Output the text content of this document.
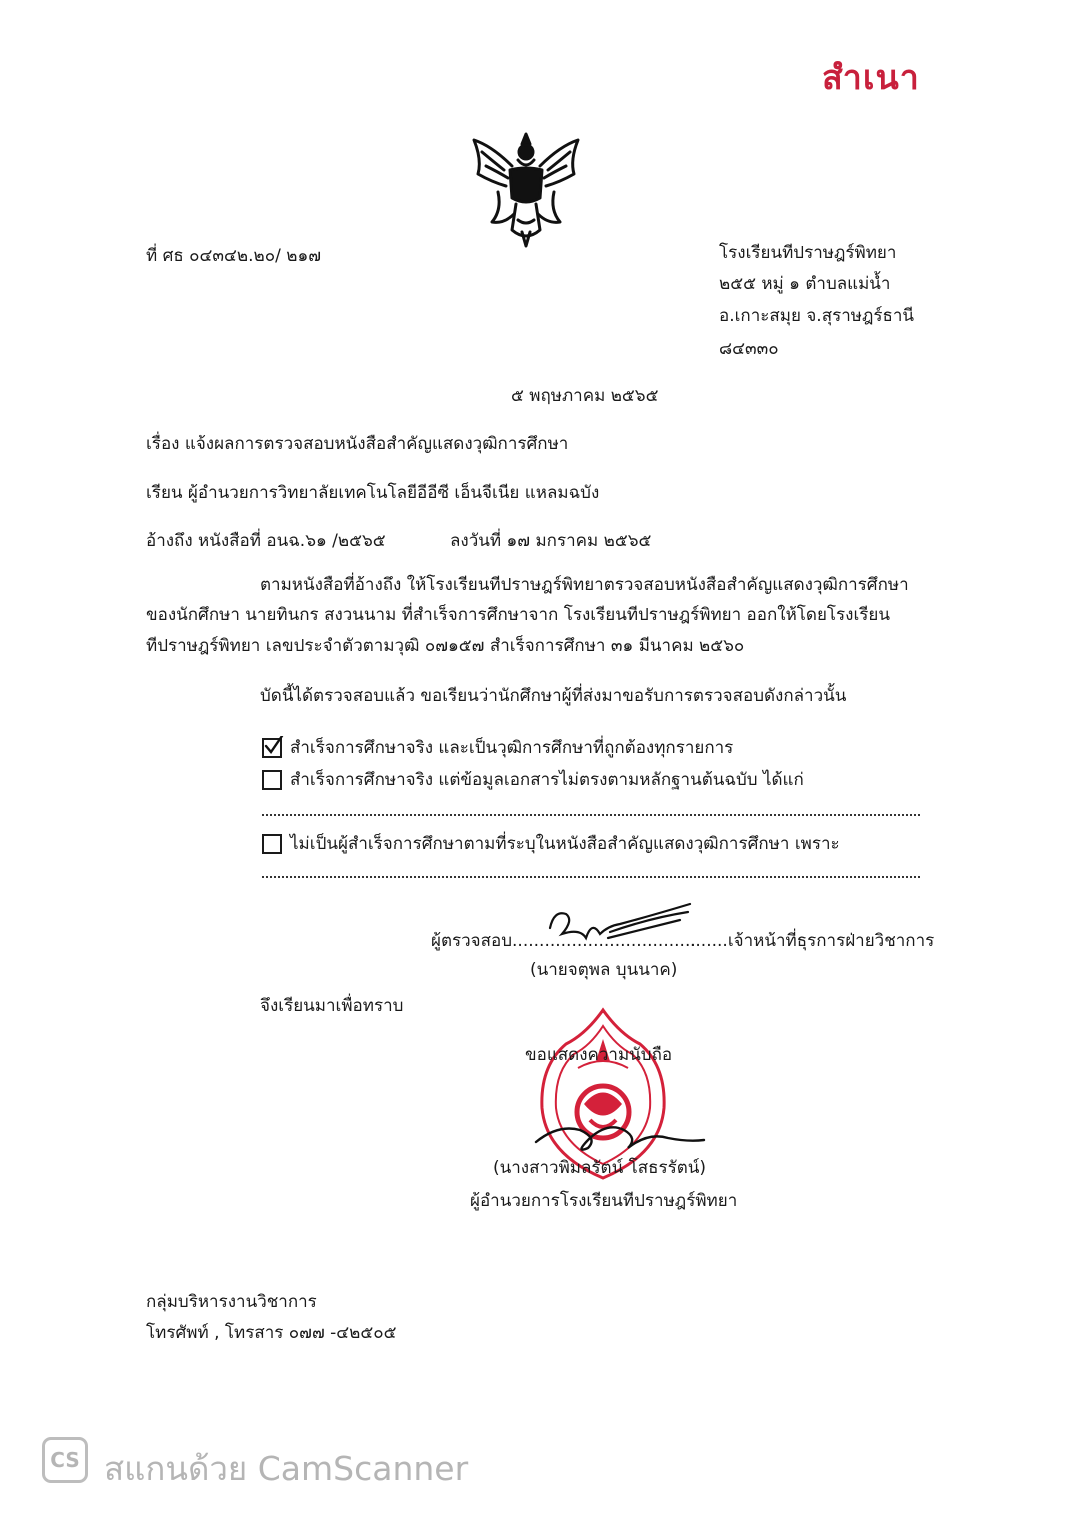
สำเนา
ที่ ศธ ๐๔๓๔๒.๒๐/ ๒๑๗	โรงเรียนทีปราษฎร์พิทยา
๒๕๕ หมู่ ๑ ตำบลแม่น้ำ
อ.เกาะสมุย จ.สุราษฎร์ธานี
๘๔๓๓๐
๕ พฤษภาคม ๒๕๖๕
เรื่อง แจ้งผลการตรวจสอบหนังสือสำคัญแสดงวุฒิการศึกษา
เรียน ผู้อำนวยการวิทยาลัยเทคโนโลยีอีอีซี เอ็นจีเนีย แหลมฉบัง
อ้างถึง หนังสือที่ อนฉ.๖๑ /๒๕๖๕	ลงวันที่ ๑๗ มกราคม ๒๕๖๕
ตามหนังสือที่อ้างถึง ให้โรงเรียนทีปราษฎร์พิทยาตรวจสอบหนังสือสำคัญแสดงวุฒิการศึกษา
ของนักศึกษา นายทินกร สงวนนาม ที่สำเร็จการศึกษาจาก โรงเรียนทีปราษฎร์พิทยา ออกให้โดยโรงเรียน
ทีปราษฎร์พิทยา เลขประจำตัวตามวุฒิ ๐๗๑๕๗ สำเร็จการศึกษา ๓๑ มีนาคม ๒๕๖๐
บัดนี้ได้ตรวจสอบแล้ว ขอเรียนว่านักศึกษาผู้ที่ส่งมาขอรับการตรวจสอบดังกล่าวนั้น
สำเร็จการศึกษาจริง และเป็นวุฒิการศึกษาที่ถูกต้องทุกรายการ
สำเร็จการศึกษาจริง แต่ข้อมูลเอกสารไม่ตรงตามหลักฐานต้นฉบับ ได้แก่
ไม่เป็นผู้สำเร็จการศึกษาตามที่ระบุในหนังสือสำคัญแสดงวุฒิการศึกษา เพราะ
ผู้ตรวจสอบ..................................
.......เจ้าหน้าที่ธุรการฝ่ายวิชาการ
(นายจตุพล บุนนาค)
จึงเรียนมาเพื่อทราบ
ขอแสดงความนับถือ
(นางสาวพิมลรัตน์ โสธรรัตน์)
ผู้อำนวยการโรงเรียนทีปราษฎร์พิทยา
กลุ่มบริหารงานวิชาการ
โทรศัพท์ , โทรสาร ๐๗๗ -๔๒๕๐๕
CS สแกนด้วย CamScanner
